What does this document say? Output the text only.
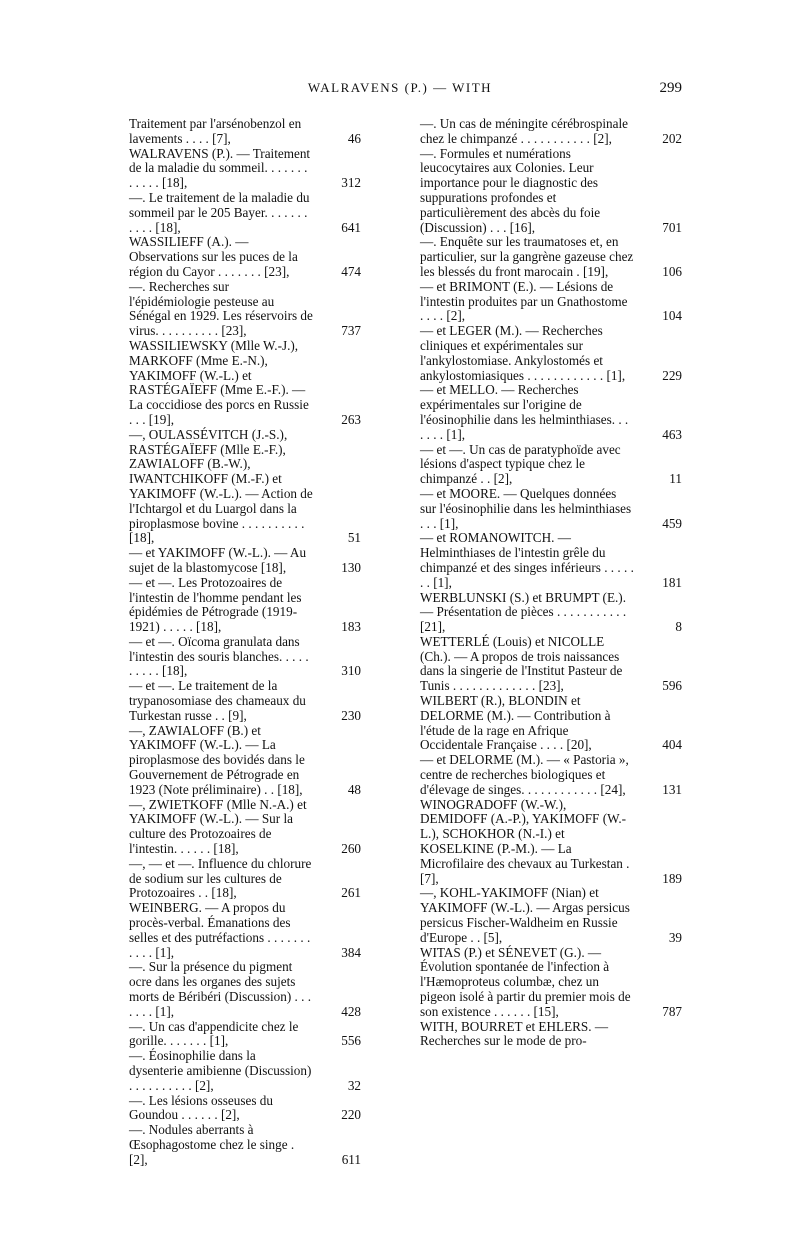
WALRAVENS (P.) — WITH	299
Traitement par l'arsénobenzol en lavements . . . . [7],	46
WALRAVENS (P.). — Traitement de la maladie du sommeil. . . . . . . . . . . . [18],	312
—. Le traitement de la maladie du sommeil par le 205 Bayer. . . . . . . . . . . [18],	641
WASSILIEFF (A.). — Observations sur les puces de la région du Cayor . . . . . . . [23],	474
—. Recherches sur l'épidémiologie pesteuse au Sénégal en 1929. Les réservoirs de virus. . . . . . . . . . [23],	737
WASSILIEWSKY (Mlle W.-J.), MARKOFF (Mme E.-N.), YAKIMOFF (W.-L.) et RASTÉGAÏEFF (Mme E.-F.). — La coccidiose des porcs en Russie . . . [19],	263
—, OULASSÉVITCH (J.-S.), RASTÉGAÏEFF (Mlle E.-F.), ZAWIALOFF (B.-W.), IWANTCHIKOFF (M.-F.) et YAKIMOFF (W.-L.). — Action de l'Ichtargol et du Luargol dans la piroplasmose bovine . . . . . . . . . . [18],	51
— et YAKIMOFF (W.-L.). — Au sujet de la blastomycose [18],	130
— et —. Les Protozoaires de l'intestin de l'homme pendant les épidémies de Pétrograde (1919-1921) . . . . . [18],	183
— et —. Oïcoma granulata dans l'intestin des souris blanches. . . . . . . . . . [18],	310
— et —. Le traitement de la trypanosomiase des chameaux du Turkestan russe . . [9],	230
—, ZAWIALOFF (B.) et YAKIMOFF (W.-L.). — La piroplasmose des bovidés dans le Gouvernement de Pétrograde en 1923 (Note préliminaire) . . [18],	48
—, ZWIETKOFF (Mlle N.-A.) et YAKIMOFF (W.-L.). — Sur la culture des Protozoaires de l'intestin. . . . . . [18],	260
—, — et —. Influence du chlorure de sodium sur les cultures de Protozoaires . . [18],	261
WEINBERG. — A propos du procès-verbal. Émanations des selles et des putréfactions . . . . . . . . . . . [1],	384
—. Sur la présence du pigment ocre dans les organes des sujets morts de Béribéri (Discussion) . . . . . . . [1],	428
—. Un cas d'appendicite chez le gorille. . . . . . . [1],	556
—. Éosinophilie dans la dysenterie amibienne (Discussion) . . . . . . . . . . [2],	32
—. Les lésions osseuses du Goundou . . . . . . [2],	220
—. Nodules aberrants à Œsophagostome chez le singe . [2],	611
—. Un cas de méningite cérébrospinale chez le chimpanzé . . . . . . . . . . . [2],	202
—. Formules et numérations leucocytaires aux Colonies. Leur importance pour le diagnostic des suppurations profondes et particulièrement des abcès du foie (Discussion) . . . [16],	701
—. Enquête sur les traumatoses et, en particulier, sur la gangrène gazeuse chez les blessés du front marocain . [19],	106
— et BRIMONT (E.). — Lésions de l'intestin produites par un Gnathostome . . . . [2],	104
— et LEGER (M.). — Recherches cliniques et expérimentales sur l'ankylostomiase. Ankylostomés et ankylostomiasiques . . . . . . . . . . . . [1],	229
— et MELLO. — Recherches expérimentales sur l'origine de l'éosinophilie dans les helminthiases. . . . . . . [1],	463
— et —. Un cas de paratyphoïde avec lésions d'aspect typique chez le chimpanzé . . [2],	11
— et MOORE. — Quelques données sur l'éosinophilie dans les helminthiases . . . [1],	459
— et ROMANOWITCH. — Helminthiases de l'intestin grêle du chimpanzé et des singes inférieurs . . . . . . . [1],	181
WERBLUNSKI (S.) et BRUMPT (E.). — Présentation de pièces . . . . . . . . . . . [21],	8
WETTERLÉ (Louis) et NICOLLE (Ch.). — A propos de trois naissances dans la singerie de l'Institut Pasteur de Tunis . . . . . . . . . . . . . [23],	596
WILBERT (R.), BLONDIN et DELORME (M.). — Contribution à l'étude de la rage en Afrique Occidentale Française . . . . [20],	404
— et DELORME (M.). — « Pastoria », centre de recherches biologiques et d'élevage de singes. . . . . . . . . . . . [24],	131
WINOGRADOFF (W.-W.), DEMIDOFF (A.-P.), YAKIMOFF (W.-L.), SCHOKHOR (N.-I.) et KOSELKINE (P.-M.). — La Microfilaire des chevaux au Turkestan . [7],	189
—, KOHL-YAKIMOFF (Nian) et YAKIMOFF (W.-L.). — Argas persicus persicus Fischer-Waldheim en Russie d'Europe . . [5],	39
WITAS (P.) et SÉNEVET (G.). — Évolution spontanée de l'infection à l'Hæmoproteus columbæ, chez un pigeon isolé à partir du premier mois de son existence . . . . . . [15],	787
WITH, BOURRET et EHLERS. — Recherches sur le mode de pro-
